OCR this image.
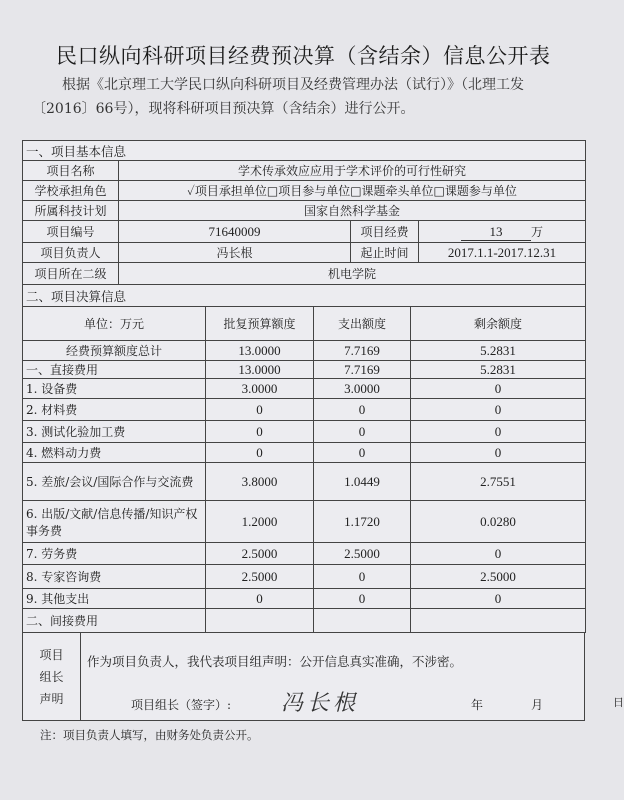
民口纵向科研项目经费预决算（含结余）信息公开表
根据《北京理工大学民口纵向科研项目及经费管理办法（试行）》（北理工发
〔2016〕66号），现将科研项目预决算（含结余）进行公开。
一、项目基本信息			
项目名称	学术传承效应应用于学术评价的可行性研究		
学校承担角色	✓项目承担单位□项目参与单位□课题牵头单位□课题参与单位		
所属科技计划	国家自然科学基金		
项目编号	71640009	项目经费	13 万
项目负责人	冯长根	起止时间	2017.1.1-2017.12.31
项目所在二级	机电学院		
二、项目决算信息			
单位：万元	批复预算额度	支出额度	剩余额度
经费预算额度总计	13.0000	7.7169	5.2831
一、直接费用	13.0000	7.7169	5.2831
1. 设备费	3.0000	3.0000	0
2. 材料费	0	0	0
3. 测试化验加工费	0	0	0
4. 燃料动力费	0	0	0
5. 差旅/会议/国际合作与交流费	3.8000	1.0449	2.7551
6. 出版/文献/信息传播/知识产权事务费	1.2000	1.1720	0.0280
7. 劳务费	2.5000	2.5000	0
8. 专家咨询费	2.5000	0	2.5000
9. 其他支出	0	0	0
二、间接费用			
项目组长声明	
作为项目负责人，我代表项目组声明：公开信息真实准确，不涉密。
项目组长（签字）: 冯长根	年	月	日
注：项目负责人填写，由财务处负责公开。
